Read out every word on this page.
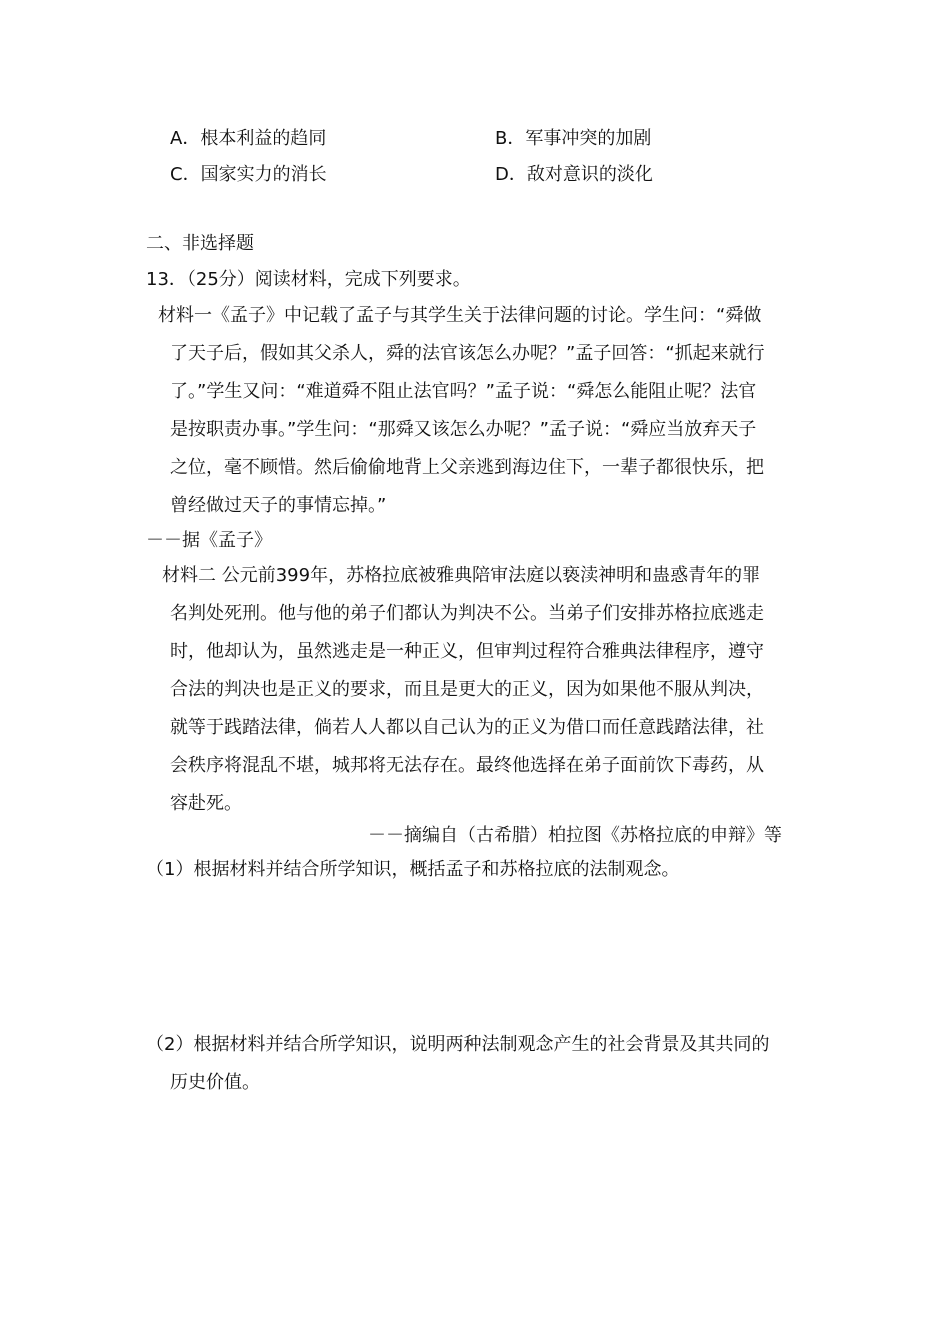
A．根本利益的趋同	B．军事冲突的加剧
C．国家实力的消长	D．敌对意识的淡化
二、非选择题
13．（25分）阅读材料，完成下列要求。
材料一《孟子》中记载了孟子与其学生关于法律问题的讨论。学生问：“舜做
了天子后，假如其父杀人，舜的法官该怎么办呢？”孟子回答：“抓起来就行
了。”学生又问：“难道舜不阻止法官吗？”孟子说：“舜怎么能阻止呢？法官
是按职责办事。”学生问：“那舜又该怎么办呢？”孟子说：“舜应当放弃天子
之位，毫不顾惜。然后偷偷地背上父亲逃到海边住下，一辈子都很快乐，把
曾经做过天子的事情忘掉。”
－－据《孟子》
材料二 公元前399年，苏格拉底被雅典陪审法庭以亵渎神明和蛊惑青年的罪
名判处死刑。他与他的弟子们都认为判决不公。当弟子们安排苏格拉底逃走
时，他却认为，虽然逃走是一种正义，但审判过程符合雅典法律程序，遵守
合法的判决也是正义的要求，而且是更大的正义，因为如果他不服从判决，
就等于践踏法律，倘若人人都以自己认为的正义为借口而任意践踏法律，社
会秩序将混乱不堪，城邦将无法存在。最终他选择在弟子面前饮下毒药，从
容赴死。
－－摘编自（古希腊）柏拉图《苏格拉底的申辩》等
（1）根据材料并结合所学知识，概括孟子和苏格拉底的法制观念。
（2）根据材料并结合所学知识，说明两种法制观念产生的社会背景及其共同的
历史价值。
